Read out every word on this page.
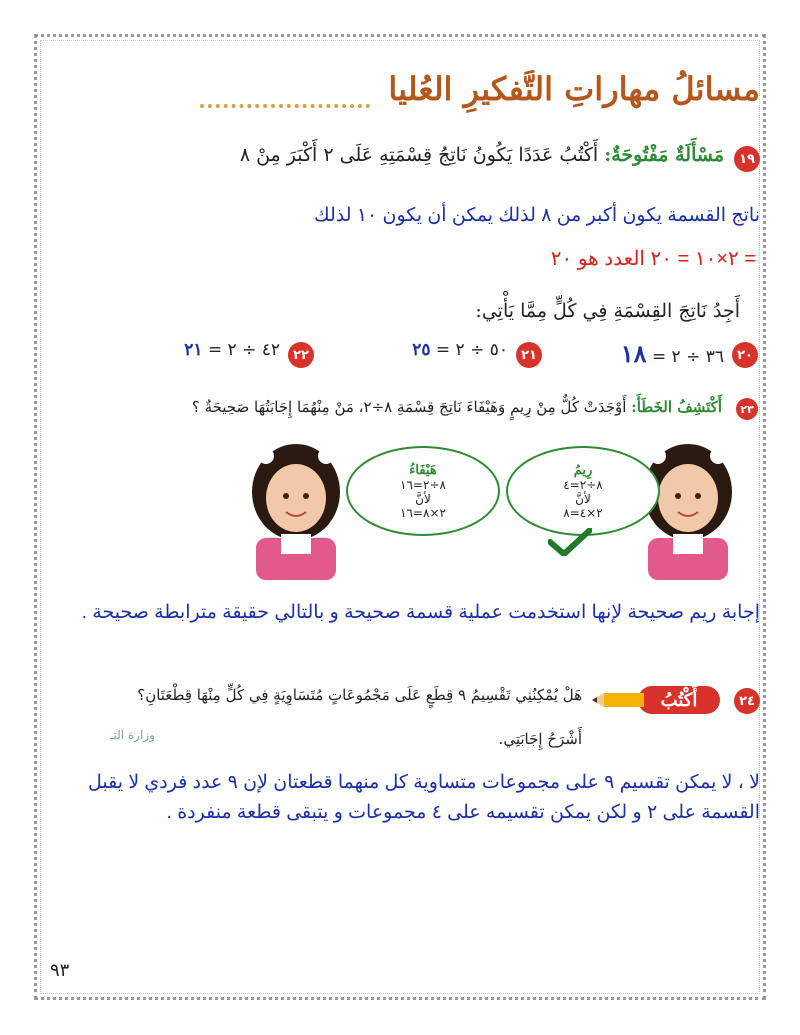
مسائلُ مهاراتِ التَّفكيرِ العُليا
١٩
مَسْأَلَةٌ مَفْتُوحَةٌ: أَكْتُبُ عَدَدًا يَكُونُ نَاتِجُ قِسْمَتِهِ عَلَى ٢ أَكْبَرَ مِنْ ٨
ناتج القسمة يكون أكبر من ٨ لذلك يمكن أن يكون ١٠ لذلك
= ٢×١٠ = ٢٠ العدد هو ٢٠
أَجِدُ نَاتِجَ القِسْمَةِ فِي كُلٍّ مِمَّا يَأْتِي:
٢٠
٣٦ ÷ ٢ = ١٨
٢١
٥٠ ÷ ٢ = ٢٥
٢٢
٤٢ ÷ ٢ = ٢١
٢٣
أَكْتَشِفُ الخَطَأَ: أَوْجَدَتْ كُلٌّ مِنْ رِيمٍ وَهَيْفَاءَ نَاتِجَ قِسْمَةِ ٨÷٢، مَنْ مِنْهُمَا إِجَابَتُهَا صَحِيحَةٌ ؟
رِيمُ
٨÷٢=٤
لأنَّ
٢×٤=٨
هَيْفَاءُ
٨÷٢=١٦
لأنَّ
٢×٨=١٦
إجابة ريم صحيحة لإنها استخدمت عملية قسمة صحيحة و بالتالي حقيقة مترابطة صحيحة .
٢٤
أَكْتُبُ
هَلْ يُمْكِنُنِي تَقْسِيمُ ٩ قِطَعٍ عَلَى مَجْمُوعَاتٍ مُتَسَاوِيَةٍ فِي كُلٍّ مِنْهَا قِطْعَتَانِ؟
أَشْرَحُ إِجَابَتِي.
وزارة التـ
لا ، لا يمكن تقسيم ٩ على مجموعات متساوية كل منهما قطعتان لإن ٩ عدد فردي لا يقبل القسمة على ٢ و لكن يمكن تقسيمه على ٤ مجموعات و يتبقى قطعة منفردة .
٩٣
